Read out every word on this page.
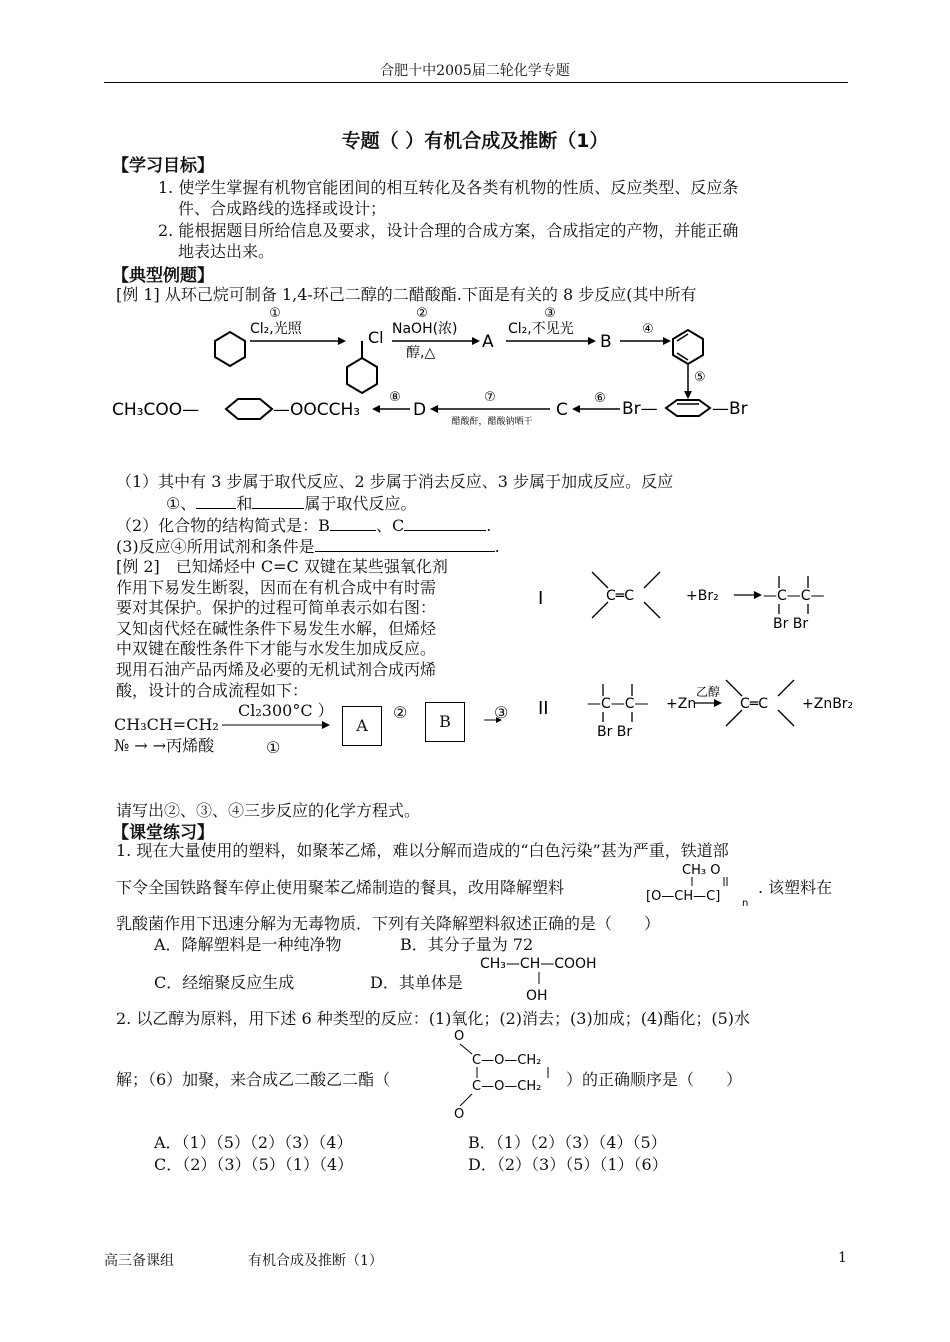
合肥十中2005届二轮化学专题
专题（ ）有机合成及推断（1）
【学习目标】
1. 使学生掌握有机物官能团间的相互转化及各类有机物的性质、反应类型、反应条
件、合成路线的选择或设计；
2. 能根据题目所给信息及要求，设计合理的合成方案，合成指定的产物，并能正确
地表达出来。
【典型例题】
[例 1] 从环己烷可制备 1,4-环己二醇的二醋酸酯.下面是有关的 8 步反应(其中所有
①
Cl₂,光照	Cl
②
NaOH(浓)
醇,△
A
③
Cl₂,不见光
B
④
⑤
Br—	—Br
⑥
C
⑦
醋酸酐，醋酸钠晒干
D
⑧
CH₃COO—	—OOCCH₃
（1）其中有 3 步属于取代反应、2 步属于消去反应、3 步属于加成反应。反应
①、	和	属于取代反应。
（2）化合物的结构简式是：B	、C	.
(3)反应④所用试剂和条件是	.
[例 2]　已知烯烃中 C=C 双键在某些强氧化剂
作用下易发生断裂，因而在有机合成中有时需
要对其保护。保护的过程可简单表示如右图：
又知卤代烃在碱性条件下易发生水解，但烯烃
中双键在酸性条件下才能与水发生加成反应。
现用石油产品丙烯及必要的无机试剂合成丙烯
酸，设计的合成流程如下：
Cl₂300°C ）
CH₃CH=CH₂
№ → →丙烯酸	①
A
②	B	③
I	C═C	+Br₂	—C—C—
Br Br
II	—C—C—
Br Br
+Zn
乙醇
C═C +ZnBr₂
请写出②、③、④三步反应的化学方程式。
【课堂练习】
1. 现在大量使用的塑料，如聚苯乙烯，难以分解而造成的“白色污染”甚为严重，铁道部
下令全国铁路餐车停止使用聚苯乙烯制造的餐具，改用降解塑料
CH₃ O
[O—CH—C] n
. 该塑料在
乳酸菌作用下迅速分解为无毒物质．下列有关降解塑料叙述正确的是（　　）
A．降解塑料是一种纯净物	B．其分子量为 72
C．经缩聚反应生成	D．其单体是
CH₃—CH—COOH
OH
2. 以乙醇为原料，用下述 6 种类型的反应：(1)氧化；(2)消去；(3)加成；(4)酯化；(5)水
解；（6）加聚，来合成乙二酸乙二酯（
O
C—O—CH₂
C—O—CH₂
O
）的正确顺序是（　　）
A．（1）（5）（2）（3）（4）	B．（1）（2）（3）（4）（5）
C．（2）（3）（5）（1）（4）	D．（2）（3）（5）（1）（6）
高三备课组	有机合成及推断（1）	1
